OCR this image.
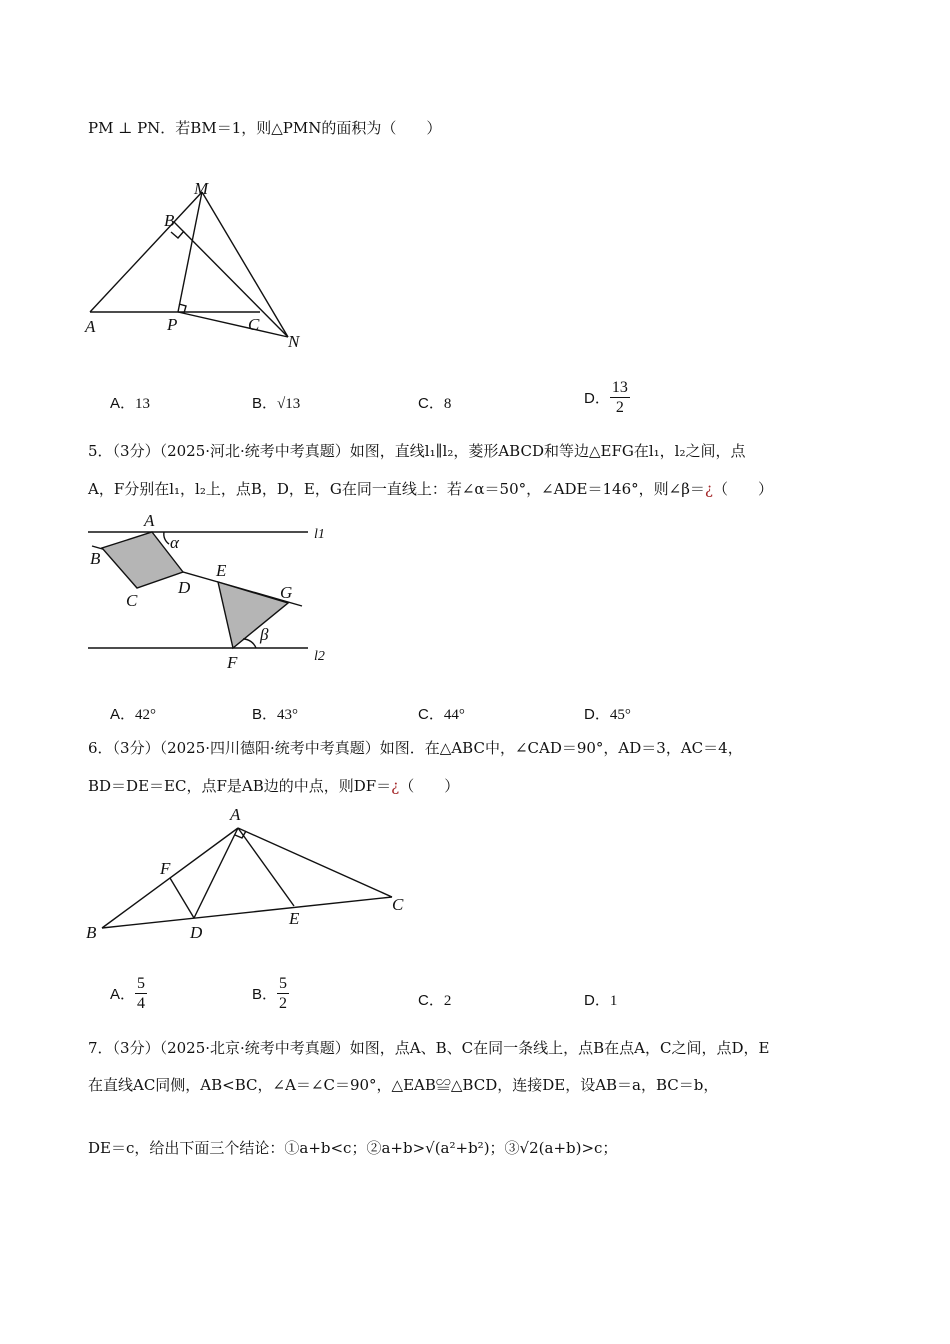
PM ⊥ PN．若BM＝1，则△PMN的面积为（　　）
M
B
A	P	C
N
A．13	B．√13	C．8	D． $\frac{13}{2}$
5．（3分）（2025·河北·统考中考真题）如图，直线l₁∥l₂，菱形ABCD和等边△EFG在l₁，l₂之间，点
A，F分别在l₁，l₂上，点B，D，E，G在同一直线上：若∠α＝50°，∠ADE＝146°，则∠β＝¿（　　）
A
α
B
C
D
E
G
β
F
l1
l2
A．42°	B．43°	C．44°	D．45°
6．（3分）（2025·四川德阳·统考中考真题）如图．在△ABC中，∠CAD＝90°，AD＝3，AC＝4，
BD＝DE＝EC，点F是AB边的中点，则DF＝¿（　　）
A
F
B	D
E
C
A． $\frac{5}{4}$	B． $\frac{5}{2}$	C．2	D．1
7．（3分）（2025·北京·统考中考真题）如图，点A、B、C在同一条线上，点B在点A，C之间，点D，E
在直线AC同侧，AB<BC，∠A＝∠C＝90°，△EAB≌△BCD，连接DE，设AB＝a，BC＝b，
DE＝c，给出下面三个结论：①a+b<c；②a+b>√(a²+b²)；③√2(a+b)>c；
